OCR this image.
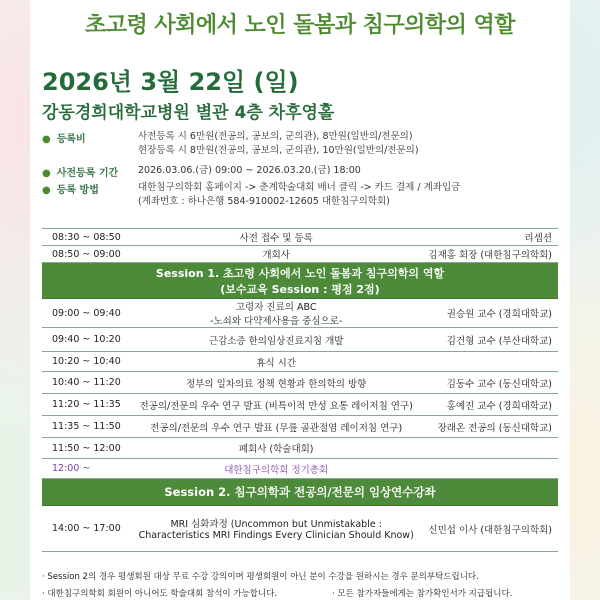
초고령 사회에서 노인 돌봄과 침구의학의 역할
2026년 3월 22일 (일)
강동경희대학교병원 별관 4층 차후영홀
● 등록비	사전등록 시 6만원(전공의, 공보의, 군의관), 8만원(일반의/전문의)
현장등록 시 8만원(전공의, 공보의, 군의관), 10만원(일반의/전문의)
● 사전등록 기간	2026.03.06.(금) 09:00 ~ 2026.03.20.(금) 18:00
● 등록 방법	대한침구의학회 홈페이지 -> 춘계학술대회 배너 클릭 -> 카드 결제 / 계좌입금
(계좌번호 : 하나은행 584-910002-12605 대한침구의학회)
08:30 ~ 08:50	사전 접수 및 등록	리셉션
08:50 ~ 09:00	개회사	김재홍 회장 (대한침구의학회)
Session 1. 초고령 사회에서 노인 돌봄과 침구의학의 역할
(보수교육 Session : 평점 2점)		

09:00 ~ 09:40	고령자 진료의 ABC
-노쇠와 다약제사용을 중심으로-	권승원 교수 (경희대학교)
09:40 ~ 10:20	근감소증 한의임상진료지침 개발	김건형 교수 (부산대학교)
10:20 ~ 10:40	휴식 시간	
10:40 ~ 11:20	정부의 일차의료 정책 현황과 한의학의 방향	김동수 교수 (동신대학교)
11:20 ~ 11:35	전공의/전문의 우수 연구 발표 (비특이적 만성 요통 레이저침 연구)	홍예진 교수 (경희대학교)
11:35 ~ 11:50	전공의/전문의 우수 연구 발표 (무릎 골관절염 레이저침 연구)	장래온 전공의 (동신대학교)
11:50 ~ 12:00	폐회사 (학술대회)	
12:00 ~	대한침구의학회 정기총회	
Session 2. 침구의학과 전공의/전문의 임상연수강좌		
14:00 ~ 17:00	MRI 심화과정 (Uncommon but Unmistakable :
Characteristics MRI Findings Every Clinician Should Know)	신민섭 이사 (대한침구의학회)
· Session 2의 경우 평생회원 대상 무료 수강 강의이며 평생회원이 아닌 분이 수강을 원하시는 경우 문의부탁드립니다.
· 대한침구의학회 회원이 아니어도 학술대회 참석이 가능합니다.	· 모든 참가자들에게는 참가확인서가 지급됩니다.
